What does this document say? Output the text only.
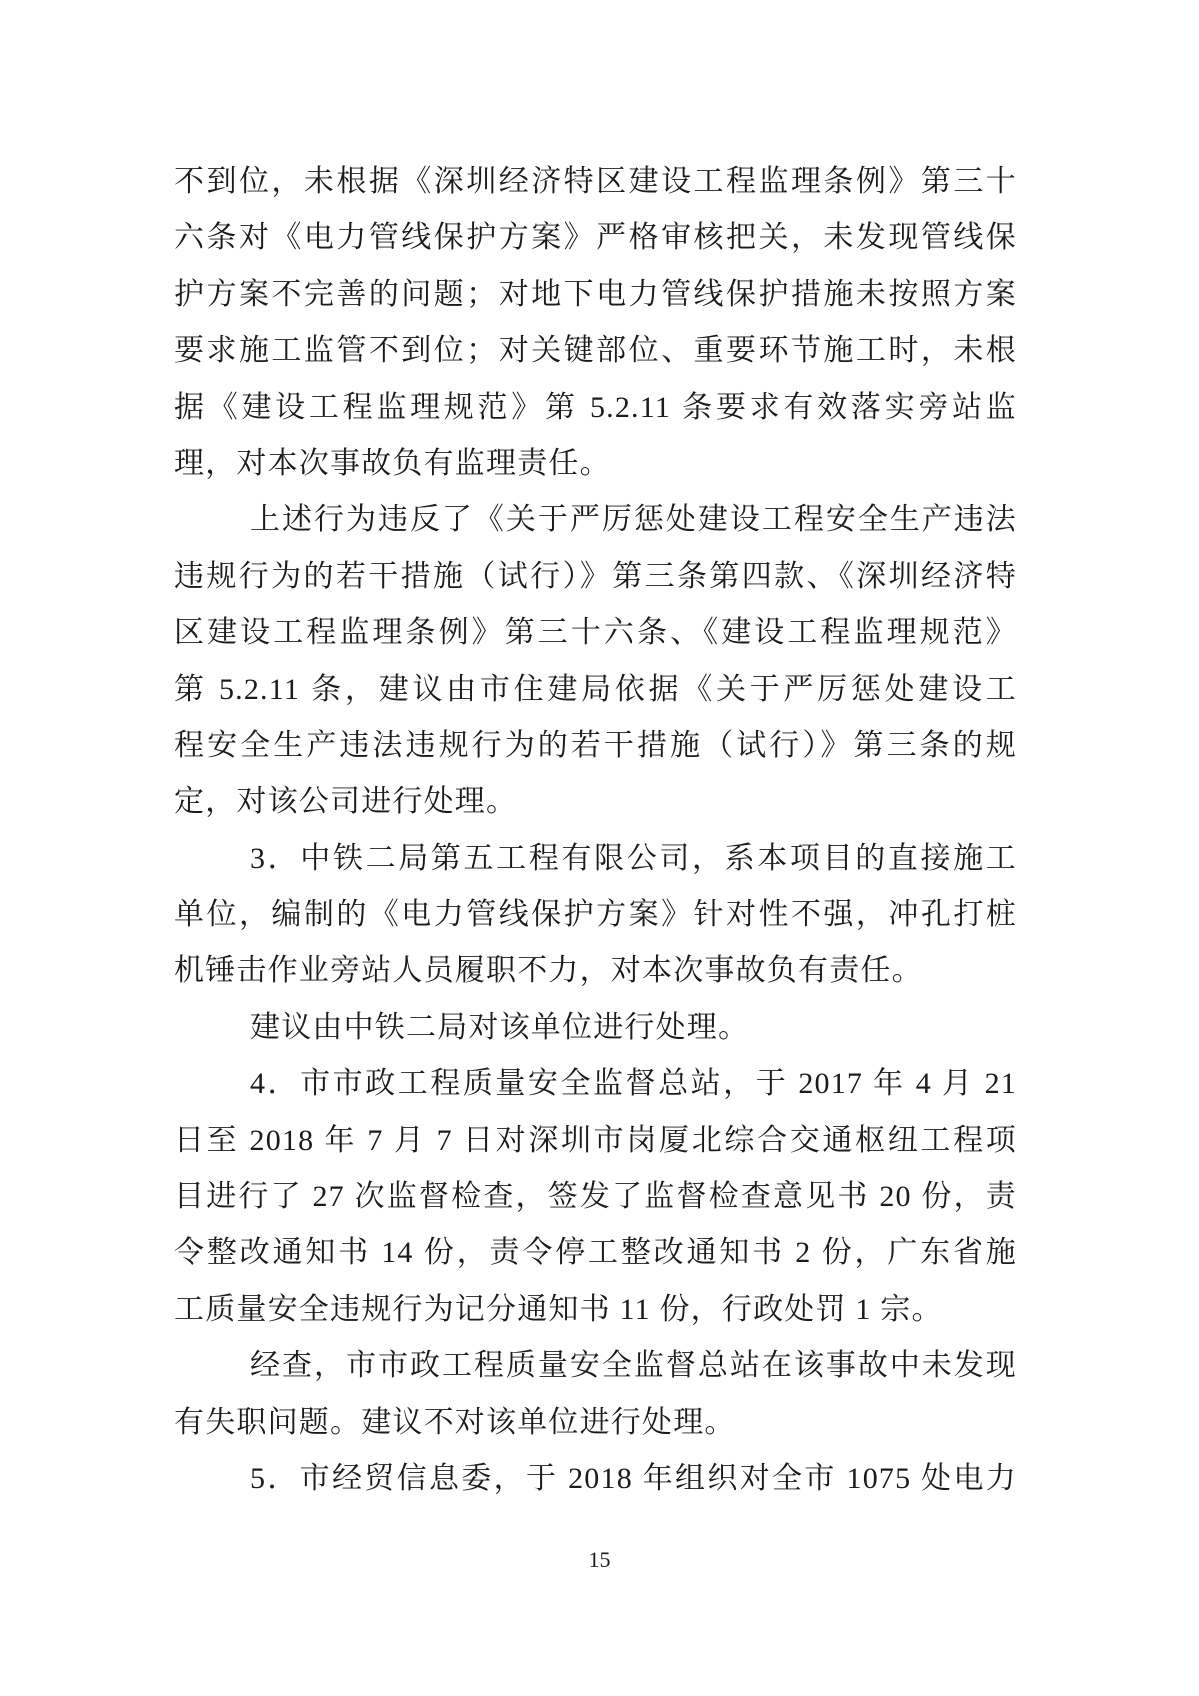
不到位，未根据《深圳经济特区建设工程监理条例》第三十
六条对《电力管线保护方案》严格审核把关，未发现管线保
护方案不完善的问题；对地下电力管线保护措施未按照方案
要求施工监管不到位；对关键部位、重要环节施工时，未根
据《建设工程监理规范》第 5.2.11 条要求有效落实旁站监
理，对本次事故负有监理责任。
上述行为违反了《关于严厉惩处建设工程安全生产违法
违规行为的若干措施（试行）》第三条第四款、《深圳经济特
区建设工程监理条例》第三十六条、《建设工程监理规范》
第 5.2.11 条，建议由市住建局依据《关于严厉惩处建设工
程安全生产违法违规行为的若干措施（试行）》第三条的规
定，对该公司进行处理。
3．中铁二局第五工程有限公司，系本项目的直接施工
单位，编制的《电力管线保护方案》针对性不强，冲孔打桩
机锤击作业旁站人员履职不力，对本次事故负有责任。
建议由中铁二局对该单位进行处理。
4．市市政工程质量安全监督总站，于 2017 年 4 月 21
日至 2018 年 7 月 7 日对深圳市岗厦北综合交通枢纽工程项
目进行了 27 次监督检查，签发了监督检查意见书 20 份，责
令整改通知书 14 份，责令停工整改通知书 2 份，广东省施
工质量安全违规行为记分通知书 11 份，行政处罚 1 宗。
经查，市市政工程质量安全监督总站在该事故中未发现
有失职问题。建议不对该单位进行处理。
5．市经贸信息委，于 2018 年组织对全市 1075 处电力
15
